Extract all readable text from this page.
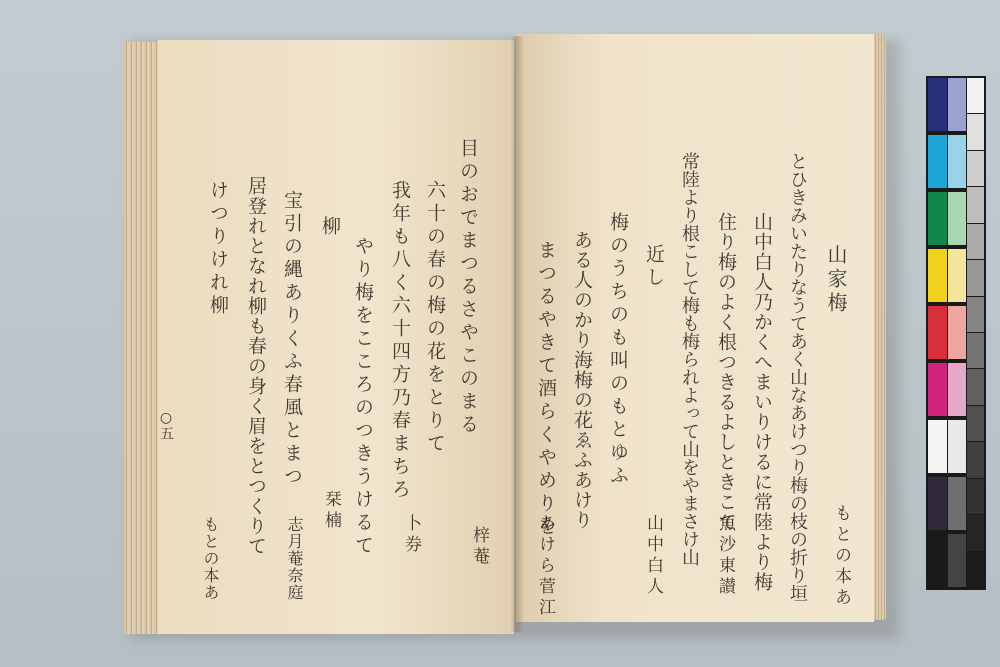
目のおでまつるさやこのまる
六十の春の梅の花をとりて
我年も八く六十四方乃春まちろ
やり梅をこころのつきうけるて
柳
宝引の縄ありくふ春風とまつ
居登れとなれ柳も春の身く眉をとつくりて
けつりけれ柳
梓菴
卜券
栞楠
志月菴奈庭
もとの本あ
○五
山家梅
とひきみいたりなうてあく山なあけつり梅の枝の折り垣
山中白人乃かくへまいりけるに常陸より梅
住り梅のよく根つきるよしときこて
常陸より根こして梅も梅られよって山をやまさけ山
近し
梅のうちのも叫のもとゆふ
ある人のかり海梅の花ゑふあけり
まつるやきて酒らくやめりを
もとの本あ
魚沙東讃
山中白人
あけら菅江
